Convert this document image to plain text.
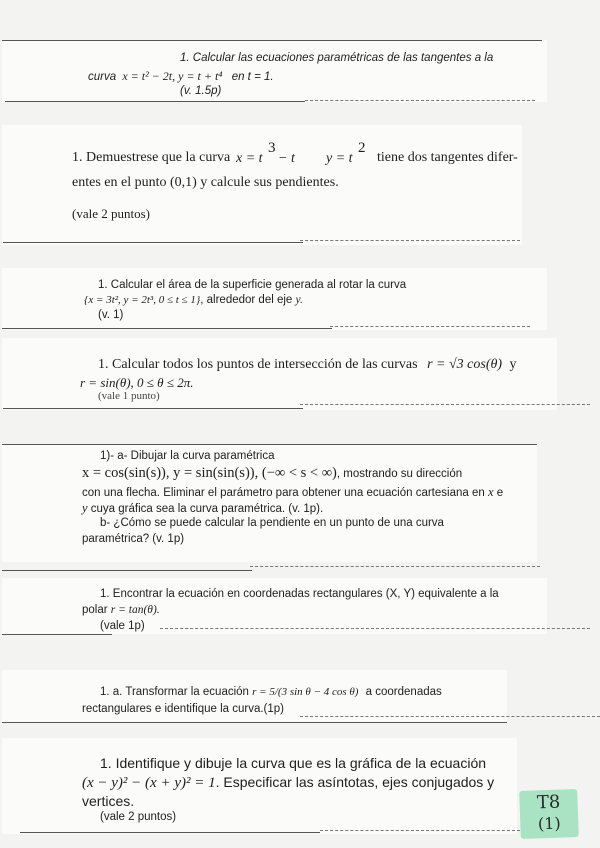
1. Calcular las ecuaciones paramétricas de las tangentes a la
curva x = t² − 2t, y = t + t⁴ en t = 1.
(v. 1.5p)
1. Demuestrese que la curva x = t
3
− t y = t
2
tiene dos tangentes difer-
entes en el punto (0,1) y calcule sus pendientes.
(vale 2 puntos)
1. Calcular el área de la superficie generada al rotar la curva
{x = 3t², y = 2t³, 0 ≤ t ≤ 1}, alrededor del eje y.
(v. 1)
1. Calcular todos los puntos de intersección de las curvas r = √3 cos(θ) y
r = sin(θ), 0 ≤ θ ≤ 2π.
(vale 1 punto)
1)- a- Dibujar la curva paramétrica
x = cos(sin(s)), y = sin(sin(s)), (−∞ < s < ∞), mostrando su dirección
con una flecha. Eliminar el parámetro para obtener una ecuación cartesiana en x e
y cuya gráfica sea la curva paramétrica. (v. 1p).
b- ¿Cómo se puede calcular la pendiente en un punto de una curva
paramétrica? (v. 1p)
1. Encontrar la ecuación en coordenadas rectangulares (X, Y) equivalente a la
polar r = tan(θ).
(vale 1p)
1. a. Transformar la ecuación r = 5/(3 sin θ − 4 cos θ) a coordenadas
rectangulares e identifique la curva.(1p)
1. Identifique y dibuje la curva que es la gráfica de la ecuación
(x − y)² − (x + y)² = 1. Especificar las asíntotas, ejes conjugados y
vertices.
(vale 2 puntos)
T8
(1)
